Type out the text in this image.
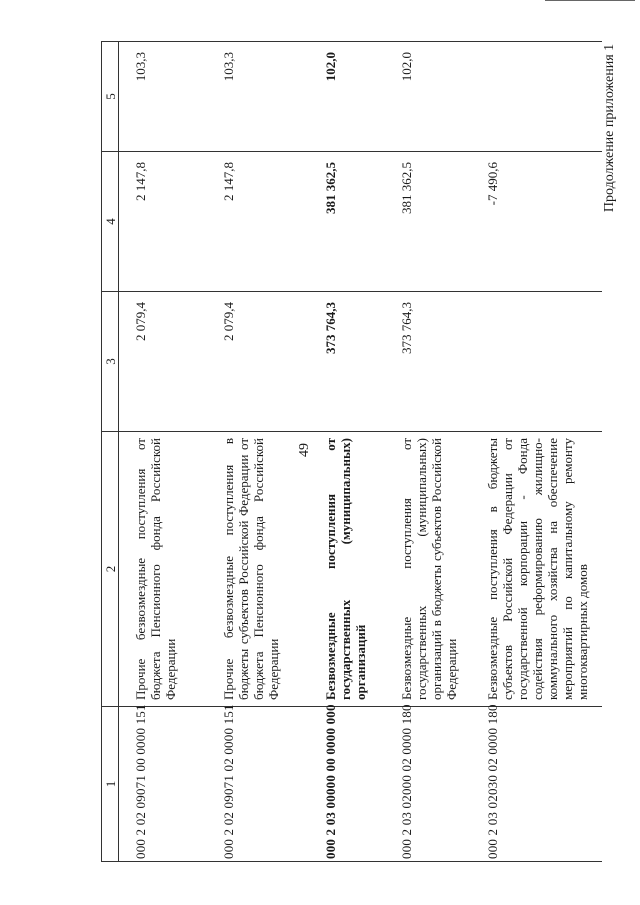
49
Продолжение приложения 1
1	2	3	4	5
000 2 02 09071 00 0000 151	Прочие безвозмездные поступления от бюджета Пенсионного фонда Российской Федерации	2 079,4	2 147,8	103,3
000 2 02 09071 02 0000 151	Прочие безвозмездные поступления в бюджеты субъектов Российской Федерации от бюджета Пенсионного фонда Российской Федерации	2 079,4	2 147,8	103,3
000 2 03 00000 00 0000 000	Безвозмездные поступления от государственных (муниципальных) организаций	373 764,3	381 362,5	102,0
000 2 03 02000 02 0000 180	Безвозмездные поступления от государственных (муниципальных) организаций в бюджеты субъектов Российской Федерации	373 764,3	381 362,5	102,0
000 2 03 02030 02 0000 180	Безвозмездные поступления в бюджеты субъектов Российской Федерации от государственной корпорации - Фонда содействия реформированию жилищно-коммунального хозяйства на обеспечение мероприятий по капитальному ремонту многоквартирных домов		-7 490,6	
